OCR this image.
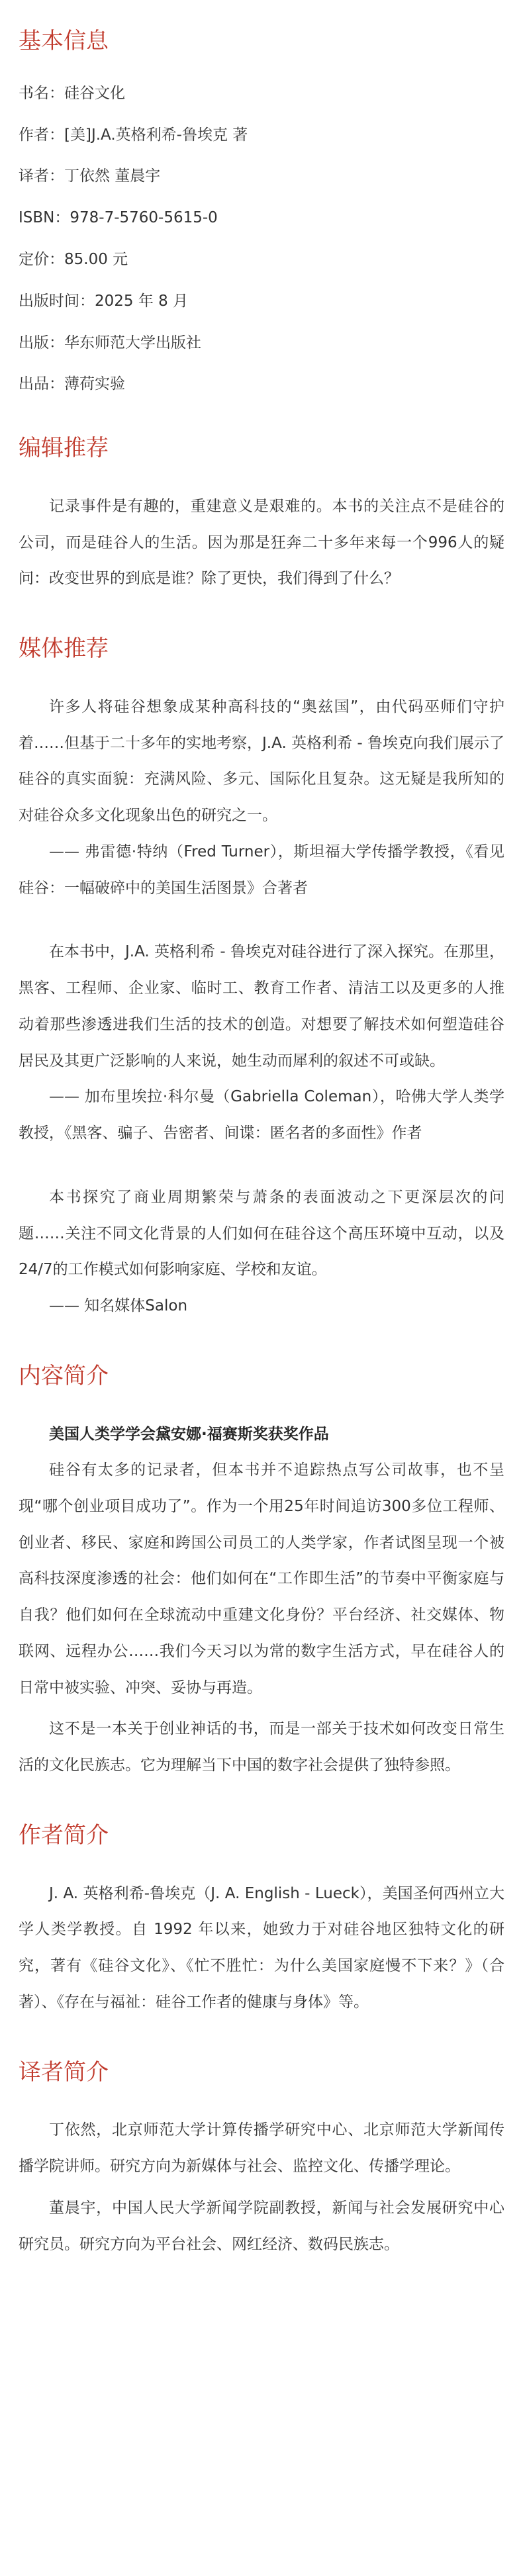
基本信息

书名：硅谷文化

作者：[美]J.A.英格利希-鲁埃克 著

译者：丁依然 董晨宇

ISBN：978-7-5760-5615-0

定价：85.00 元

出版时间：2025 年 8 月

出版：华东师范大学出版社

出品：薄荷实验

编辑推荐

记录事件是有趣的，重建意义是艰难的。本书的关注点不是硅谷的公司，而是硅谷人的生活。因为那是狂奔二十多年来每一个996人的疑问：改变世界的到底是谁？除了更快，我们得到了什么？

媒体推荐

许多人将硅谷想象成某种高科技的“奥兹国”，由代码巫师们守护着……但基于二十多年的实地考察，J.A. 英格利希 - 鲁埃克向我们展示了硅谷的真实面貌：充满风险、多元、国际化且复杂。这无疑是我所知的对硅谷众多文化现象出色的研究之一。

—— 弗雷德·特纳（Fred Turner），斯坦福大学传播学教授，《看见硅谷：一幅破碎中的美国生活图景》合著者

在本书中，J.A. 英格利希 - 鲁埃克对硅谷进行了深入探究。在那里，黑客、工程师、企业家、临时工、教育工作者、清洁工以及更多的人推动着那些渗透进我们生活的技术的创造。对想要了解技术如何塑造硅谷居民及其更广泛影响的人来说，她生动而犀利的叙述不可或缺。

—— 加布里埃拉·科尔曼（Gabriella Coleman），哈佛大学人类学教授，《黑客、骗子、告密者、间谍：匿名者的多面性》作者

本书探究了商业周期繁荣与萧条的表面波动之下更深层次的问题……关注不同文化背景的人们如何在硅谷这个高压环境中互动，以及24/7的工作模式如何影响家庭、学校和友谊。

—— 知名媒体Salon

内容简介

美国人类学学会黛安娜·福赛斯奖获奖作品

硅谷有太多的记录者，但本书并不追踪热点写公司故事，也不呈现“哪个创业项目成功了”。作为一个用25年时间追访300多位工程师、创业者、移民、家庭和跨国公司员工的人类学家，作者试图呈现一个被高科技深度渗透的社会：他们如何在“工作即生活”的节奏中平衡家庭与自我？他们如何在全球流动中重建文化身份？平台经济、社交媒体、物联网、远程办公……我们今天习以为常的数字生活方式，早在硅谷人的日常中被实验、冲突、妥协与再造。

这不是一本关于创业神话的书，而是一部关于技术如何改变日常生活的文化民族志。它为理解当下中国的数字社会提供了独特参照。

作者简介

J. A. 英格利希-鲁埃克（J. A. English - Lueck），美国圣何西州立大学人类学教授。自 1992 年以来，她致力于对硅谷地区独特文化的研究，著有《硅谷文化》、《忙不胜忙：为什么美国家庭慢不下来？》（合著）、《存在与福祉：硅谷工作者的健康与身体》等。

译者简介

丁依然，北京师范大学计算传播学研究中心、北京师范大学新闻传播学院讲师。研究方向为新媒体与社会、监控文化、传播学理论。

董晨宇，中国人民大学新闻学院副教授，新闻与社会发展研究中心研究员。研究方向为平台社会、网红经济、数码民族志。
